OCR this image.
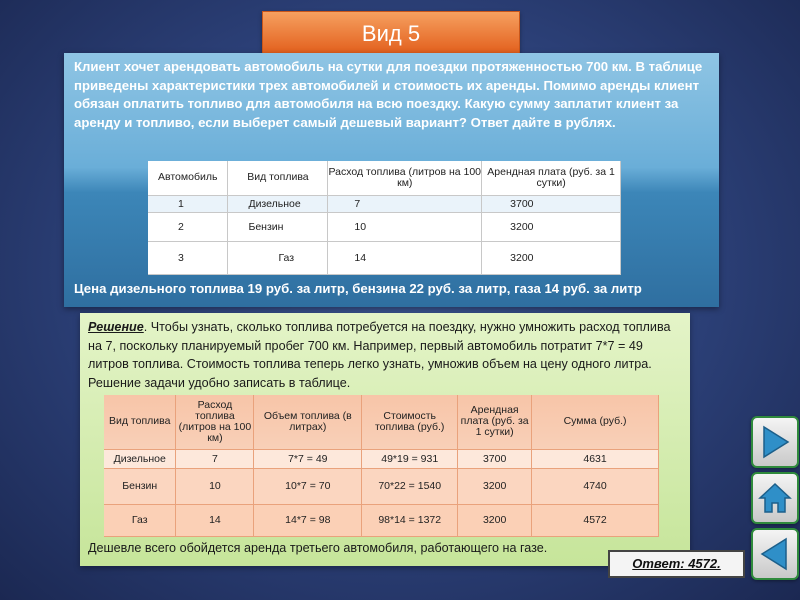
Вид 5
Клиент хочет арендовать автомобиль на сутки для поездки протяженностью 700 км. В таблице приведены характеристики трех автомобилей и стоимость их аренды. Помимо аренды клиент обязан оплатить топливо для автомобиля на всю поездку. Какую сумму заплатит клиент за аренду и топливо, если выберет самый дешевый вариант? Ответ дайте в рублях.
Цена дизельного топлива 19 руб. за литр, бензина 22 руб. за литр, газа 14 руб. за литр
Автомобиль	Вид топлива	Расход топлива (литров на 100 км)	Арендная плата (руб. за 1 сутки)
1	Дизельное	7	3700
2	Бензин	10	3200
3	Газ	14	3200
Решение. Чтобы узнать, сколько топлива потребуется на поездку, нужно умножить расход топлива на 7, поскольку планируемый пробег 700 км. Например, первый автомобиль потратит 7*7 = 49 литров топлива. Стоимость топлива теперь легко узнать, умножив объем на цену одного литра. Решение задачи удобно записать в таблице.
Дешевле всего обойдется аренда третьего автомобиля, работающего на газе.
Вид топлива	Расход топлива (литров на 100 км)	Объем топлива (в литрах)	Стоимость топлива (руб.)	Арендная плата (руб. за 1 сутки)	Сумма (руб.)
Дизельное	7	7*7 = 49	49*19 = 931	3700	4631
Бензин	10	10*7 = 70	70*22 = 1540	3200	4740
Газ	14	14*7 = 98	98*14 = 1372	3200	4572
Ответ: 4572.
